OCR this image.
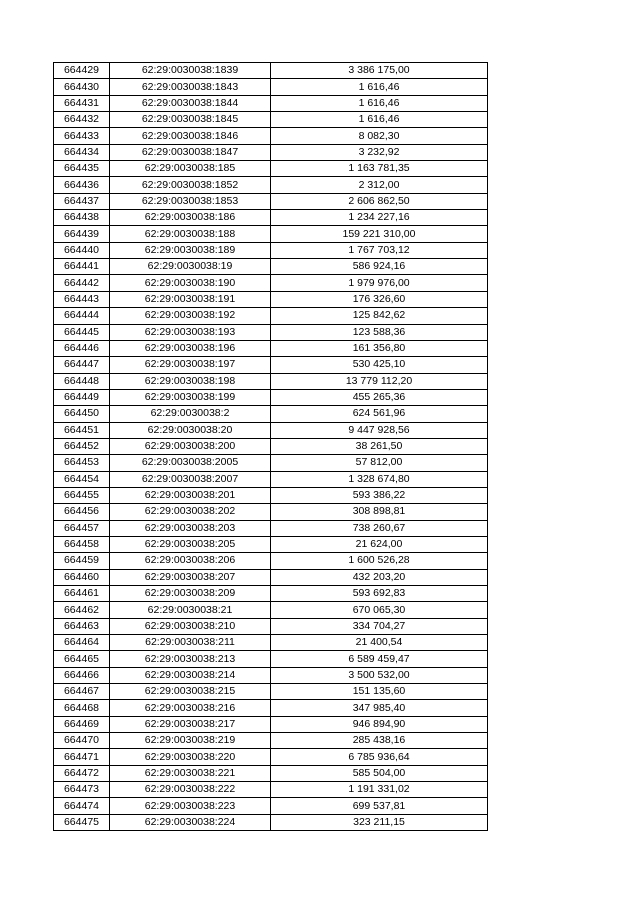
664429	62:29:0030038:1839	3 386 175,00
664430	62:29:0030038:1843	1 616,46
664431	62:29:0030038:1844	1 616,46
664432	62:29:0030038:1845	1 616,46
664433	62:29:0030038:1846	8 082,30
664434	62:29:0030038:1847	3 232,92
664435	62:29:0030038:185	1 163 781,35
664436	62:29:0030038:1852	2 312,00
664437	62:29:0030038:1853	2 606 862,50
664438	62:29:0030038:186	1 234 227,16
664439	62:29:0030038:188	159 221 310,00
664440	62:29:0030038:189	1 767 703,12
664441	62:29:0030038:19	586 924,16
664442	62:29:0030038:190	1 979 976,00
664443	62:29:0030038:191	176 326,60
664444	62:29:0030038:192	125 842,62
664445	62:29:0030038:193	123 588,36
664446	62:29:0030038:196	161 356,80
664447	62:29:0030038:197	530 425,10
664448	62:29:0030038:198	13 779 112,20
664449	62:29:0030038:199	455 265,36
664450	62:29:0030038:2	624 561,96
664451	62:29:0030038:20	9 447 928,56
664452	62:29:0030038:200	38 261,50
664453	62:29:0030038:2005	57 812,00
664454	62:29:0030038:2007	1 328 674,80
664455	62:29:0030038:201	593 386,22
664456	62:29:0030038:202	308 898,81
664457	62:29:0030038:203	738 260,67
664458	62:29:0030038:205	21 624,00
664459	62:29:0030038:206	1 600 526,28
664460	62:29:0030038:207	432 203,20
664461	62:29:0030038:209	593 692,83
664462	62:29:0030038:21	670 065,30
664463	62:29:0030038:210	334 704,27
664464	62:29:0030038:211	21 400,54
664465	62:29:0030038:213	6 589 459,47
664466	62:29:0030038:214	3 500 532,00
664467	62:29:0030038:215	151 135,60
664468	62:29:0030038:216	347 985,40
664469	62:29:0030038:217	946 894,90
664470	62:29:0030038:219	285 438,16
664471	62:29:0030038:220	6 785 936,64
664472	62:29:0030038:221	585 504,00
664473	62:29:0030038:222	1 191 331,02
664474	62:29:0030038:223	699 537,81
664475	62:29:0030038:224	323 211,15
